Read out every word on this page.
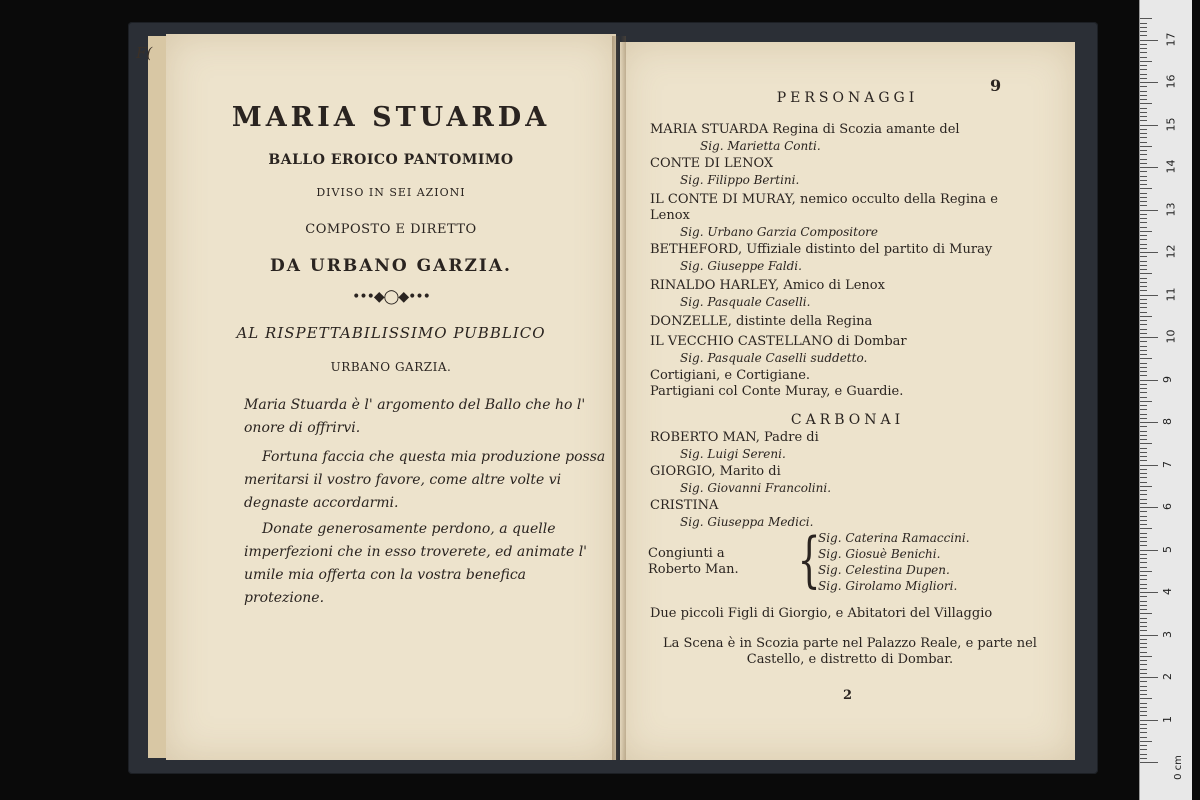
MARIA STUARDA
BALLO EROICO PANTOMIMO
DIVISO IN SEI AZIONI
COMPOSTO E DIRETTO
DA URBANO GARZIA.
•••◆◯◆•••
AL RISPETTABILISSIMO PUBBLICO
URBANO GARZIA.
Maria Stuarda è l' argomento del Ballo che ho l' onore di offrirvi.
Fortuna faccia che questa mia produzione possa meritarsi il vostro favore, come altre volte vi degnaste accordarmi.
Donate generosamente perdono, a quelle imperfezioni che in esso troverete, ed animate l' umile mia offerta con la vostra benefica protezione.
F(
9
PERSONAGGI
MARIA STUARDA Regina di Scozia amante del
Sig. Marietta Conti.
CONTE DI LENOX
Sig. Filippo Bertini.
IL CONTE DI MURAY, nemico occulto della Regina e Lenox
Sig. Urbano Garzia Compositore
BETHEFORD, Uffiziale distinto del partito di Muray
Sig. Giuseppe Faldi.
RINALDO HARLEY, Amico di Lenox
Sig. Pasquale Caselli.
DONZELLE, distinte della Regina
IL VECCHIO CASTELLANO di Dombar
Sig. Pasquale Caselli suddetto.
Cortigiani, e Cortigiane.
Partigiani col Conte Muray, e Guardie.
CARBONAI
ROBERTO MAN, Padre di
Sig. Luigi Sereni.
GIORGIO, Marito di
Sig. Giovanni Francolini.
CRISTINA
Sig. Giuseppa Medici.
Congiunti a Roberto Man. {
Sig. Caterina Ramaccini.
Sig. Giosuè Benichi.
Sig. Celestina Dupen.
Sig. Girolamo Migliori.
Due piccoli Figli di Giorgio, e Abitatori del Villaggio
La Scena è in Scozia parte nel Palazzo Reale, e parte nel Castello, e distretto di Dombar.
2
1
2
3
4
5
6
7
8
9
10
11
12
13
14
15
16
17
0 cm
